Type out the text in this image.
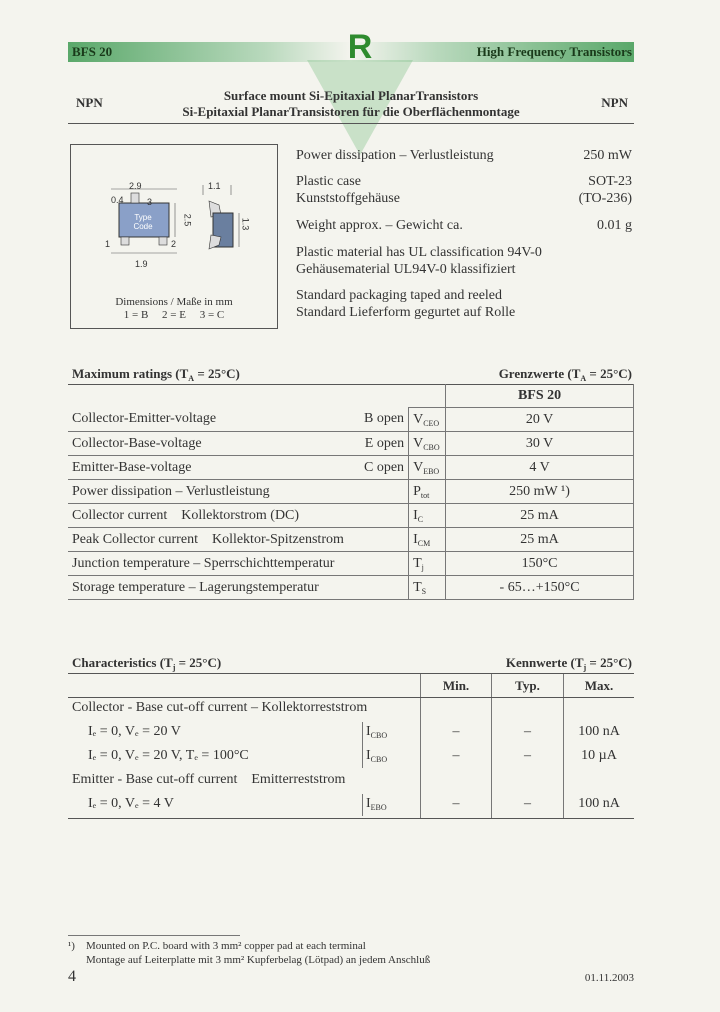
BFS 20	R	High Frequency Transistors
NPN	NPN
Surface mount Si-Epitaxial PlanarTransistors
Si-Epitaxial PlanarTransistoren für die Oberflächenmontage
2.9	1.1
0.4	3
2.5	1.3
Type
Code
1	2
1.9
Dimensions / Maße in mm
1 = B     2 = E     3 = C
Power dissipation – Verlustleistung	250 mW
Plastic case	SOT-23
Kunststoffgehäuse	(TO-236)
Weight approx. – Gewicht ca.	0.01 g
Plastic material has UL classification 94V-0
Gehäusematerial UL94V-0 klassifiziert
Standard packaging taped and reeled
Standard Lieferform gegurtet auf Rolle
Maximum ratings $(T_A = 25^\circ C)$	Grenzwerte $(T_A = 25^\circ C)$
			BFS 20
Collector-Emitter-voltage	B open	$V_{CEO}$	20 V
Collector-Base-voltage	E open	$V_{CBO}$	30 V
Emitter-Base-voltage	C open	$V_{EBO}$	4 V
Power dissipation – Verlustleistung		$P_{tot}$	250 mW ¹)
Collector current    Kollektorstrom (DC)		$I_C$	25 mA
Peak Collector current    Kollektor-Spitzenstrom		$I_{CM}$	25 mA
Junction temperature – Sperrschichttemperatur		$T_j$	150°C
Storage temperature – Lagerungstemperatur		$T_S$	- 65…+150°C
Characteristics $(T_j = 25^\circ C)$	Kennwerte $(T_j = 25^\circ C)$
Min.	Typ.	Max.
Collector - Base cut-off current – Kollektorreststrom
Iₑ = 0, Vₑ = 20 V	$I_{CBO}$	–	–	100 nA
Iₑ = 0, Vₑ = 20 V, Tₑ = 100°C	$I_{CBO}$	–	–	10 µA
Emitter - Base cut-off current    Emitterreststrom
Iₑ = 0, Vₑ = 4 V	$I_{EBO}$	–	–	100 nA
¹) Mounted on P.C. board with 3 mm² copper pad at each terminal
Montage auf Leiterplatte mit 3 mm² Kupferbelag (Lötpad) an jedem Anschluß
4	01.11.2003
